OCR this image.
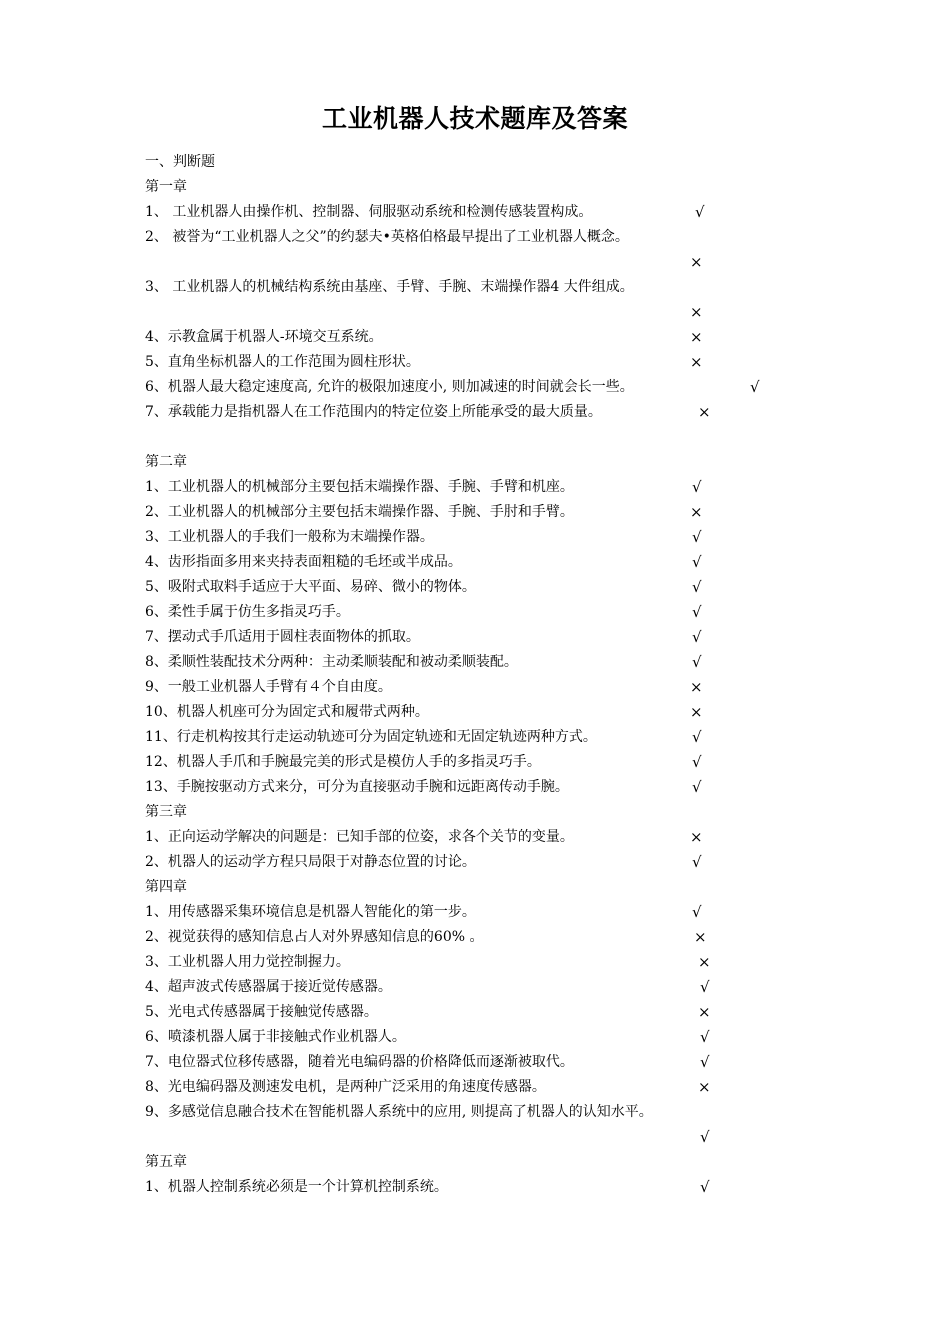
工业机器人技术题库及答案
一、判断题
第一章
1、 工业机器人由操作机、控制器、伺服驱动系统和检测传感装置构成。	√
2、 被誉为“工业机器人之父”的约瑟夫•英格伯格最早提出了工业机器人概念。
×
3、 工业机器人的机械结构系统由基座、手臂、手腕、末端操作器4 大件组成。
×
4、示教盒属于机器人-环境交互系统。	×
5、直角坐标机器人的工作范围为圆柱形状。	×
6、机器人最大稳定速度高, 允许的极限加速度小, 则加减速的时间就会长一些。	√
7、承载能力是指机器人在工作范围内的特定位姿上所能承受的最大质量。	×
第二章
1、工业机器人的机械部分主要包括末端操作器、手腕、手臂和机座。	√
2、工业机器人的机械部分主要包括末端操作器、手腕、手肘和手臂。	×
3、工业机器人的手我们一般称为末端操作器。	√
4、齿形指面多用来夹持表面粗糙的毛坯或半成品。	√
5、吸附式取料手适应于大平面、易碎、微小的物体。	√
6、柔性手属于仿生多指灵巧手。	√
7、摆动式手爪适用于圆柱表面物体的抓取。	√
8、柔顺性装配技术分两种：主动柔顺装配和被动柔顺装配。	√
9、一般工业机器人手臂有４个自由度。	×
10、机器人机座可分为固定式和履带式两种。	×
11、行走机构按其行走运动轨迹可分为固定轨迹和无固定轨迹两种方式。	√
12、机器人手爪和手腕最完美的形式是模仿人手的多指灵巧手。	√
13、手腕按驱动方式来分，可分为直接驱动手腕和远距离传动手腕。	√
第三章
1、正向运动学解决的问题是：已知手部的位姿，求各个关节的变量。	×
2、机器人的运动学方程只局限于对静态位置的讨论。	√
第四章
1、用传感器采集环境信息是机器人智能化的第一步。	√
2、视觉获得的感知信息占人对外界感知信息的60% 。	×
3、工业机器人用力觉控制握力。	×
4、超声波式传感器属于接近觉传感器。	√
5、光电式传感器属于接触觉传感器。	×
6、喷漆机器人属于非接触式作业机器人。	√
7、电位器式位移传感器，随着光电编码器的价格降低而逐渐被取代。	√
8、光电编码器及测速发电机，是两种广泛采用的角速度传感器。	×
9、多感觉信息融合技术在智能机器人系统中的应用, 则提高了机器人的认知水平。
√
第五章
1、机器人控制系统必须是一个计算机控制系统。	√
